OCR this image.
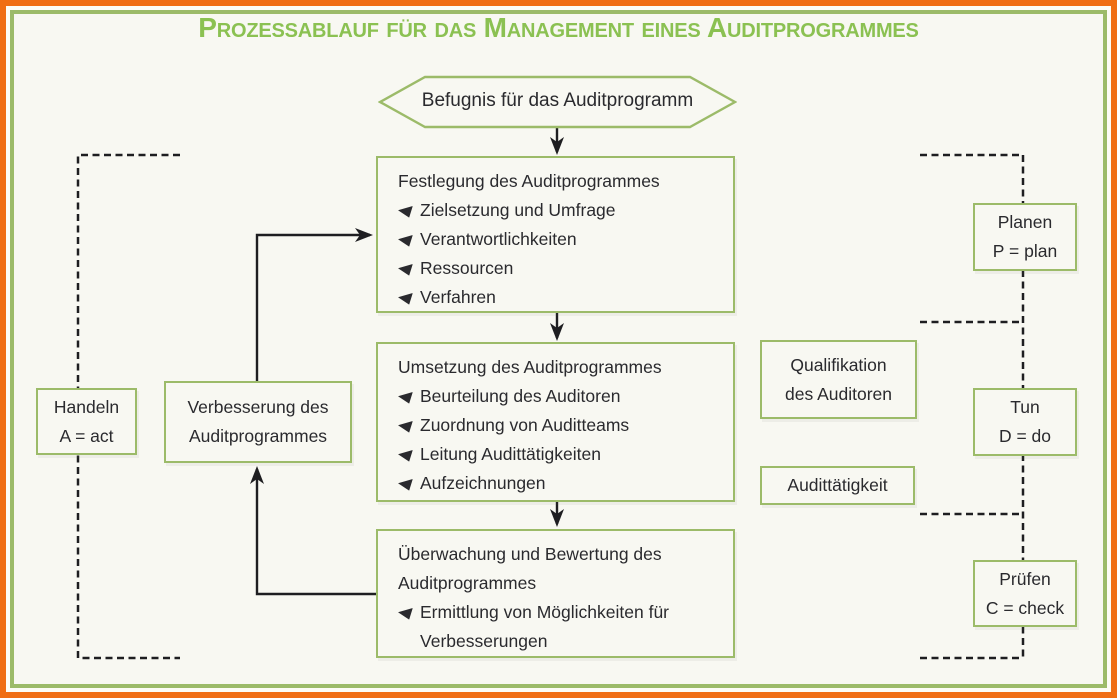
Prozessablauf für das Management eines Auditprogrammes
Befugnis für das Auditprogramm
Festlegung des Auditprogrammes
Zielsetzung und Umfrage
Verantwortlichkeiten
Ressourcen
Verfahren
Umsetzung des Auditprogrammes
Beurteilung des Auditoren
Zuordnung von Auditteams
Leitung Audittätigkeiten
Aufzeichnungen
Überwachung und Bewertung des Auditprogrammes
Ermittlung von Möglichkeiten für Verbesserungen
Qualifikation
des Auditoren
Audittätigkeit
Verbesserung des
Auditprogrammes
Handeln
A = act
Planen
P = plan
Tun
D = do
Prüfen
C = check
